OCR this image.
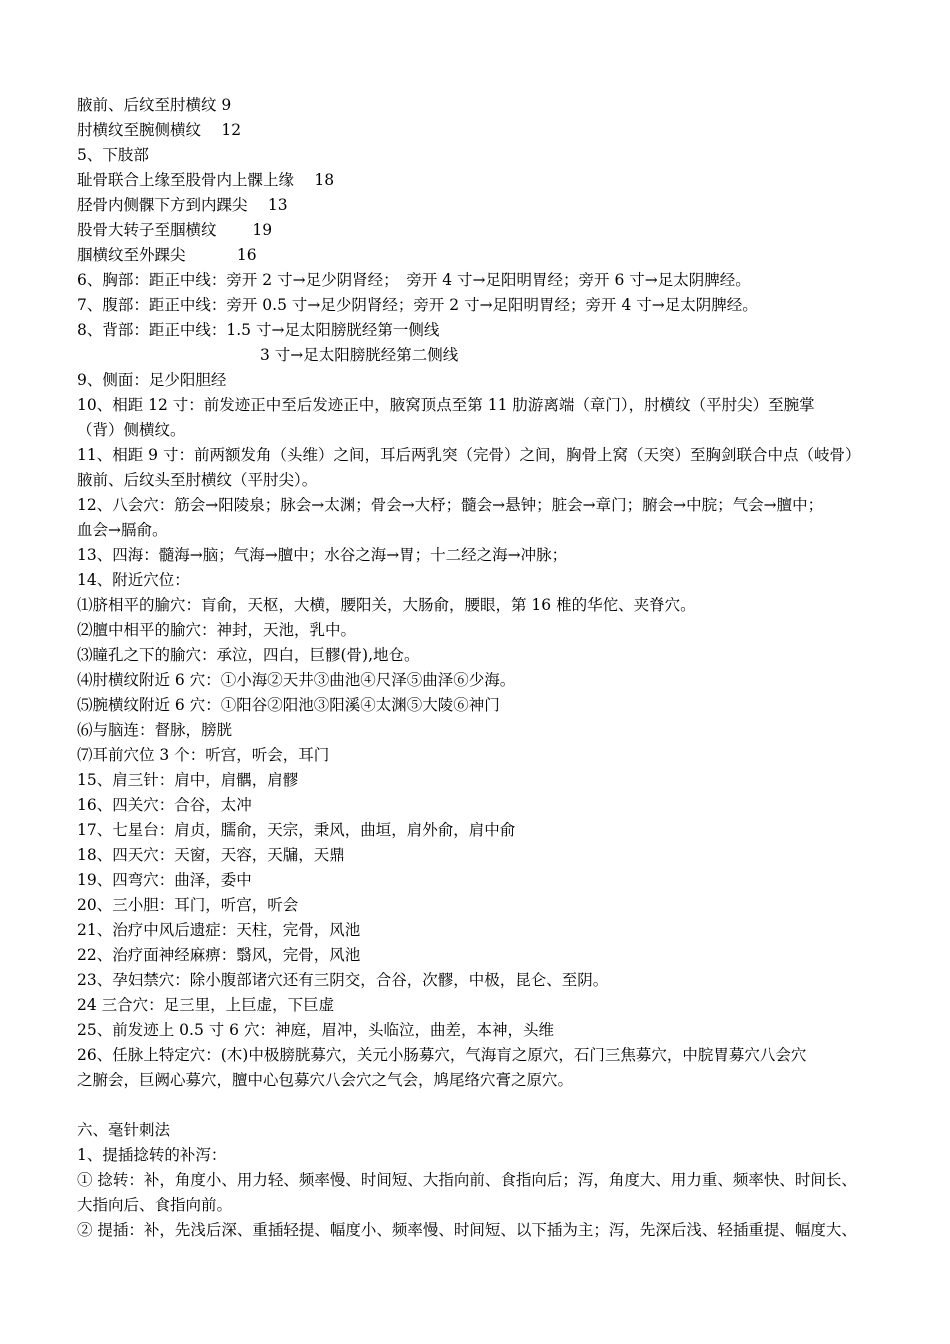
腋前、后纹至肘横纹 9
肘横纹至腕侧横纹　 12
5、下肢部
耻骨联合上缘至股骨内上髁上缘　 18
胫骨内侧髁下方到内踝尖　 13
股骨大转子至腘横纹　　 19
腘横纹至外踝尖　　　 16
6、胸部：距正中线：旁开 2 寸→足少阴肾经；　旁开 4 寸→足阳明胃经；旁开 6 寸→足太阴脾经。
7、腹部：距正中线：旁开 0.5 寸→足少阴肾经；旁开 2 寸→足阳明胃经；旁开 4 寸→足太阴脾经。
8、背部：距正中线：1.5 寸→足太阳膀胱经第一侧线
3 寸→足太阳膀胱经第二侧线
9、侧面：足少阳胆经
10、相距 12 寸：前发迹正中至后发迹正中，腋窝顶点至第 11 肋游离端（章门），肘横纹（平肘尖）至腕掌
（背）侧横纹。
11、相距 9 寸：前两额发角（头维）之间，耳后两乳突（完骨）之间，胸骨上窝（天突）至胸剑联合中点（岐骨）
腋前、后纹头至肘横纹（平肘尖）。
12、八会穴：筋会→阳陵泉；脉会→太渊；骨会→大杼；髓会→悬钟；脏会→章门；腑会→中脘；气会→膻中；
血会→膈俞。
13、四海：髓海→脑；气海→膻中；水谷之海→胃；十二经之海→冲脉；
14、附近穴位：
⑴脐相平的腧穴：肓俞，天枢，大横，腰阳关，大肠俞，腰眼，第 16 椎的华佗、夹脊穴。
⑵膻中相平的腧穴：神封，天池，乳中。
⑶瞳孔之下的腧穴：承泣，四白，巨髎(骨),地仓。
⑷肘横纹附近 6 穴：①小海②天井③曲池④尺泽⑤曲泽⑥少海。
⑸腕横纹附近 6 穴：①阳谷②阳池③阳溪④太渊⑤大陵⑥神门
⑹与脑连：督脉，膀胱
⑺耳前穴位 3 个：听宫，听会，耳门
15、肩三针：肩中，肩髃，肩髎
16、四关穴：合谷，太冲
17、七星台：肩贞，臑俞，天宗，秉风，曲垣，肩外俞，肩中俞
18、四天穴：天窗，天容，天牖，天鼎
19、四弯穴：曲泽，委中
20、三小胆：耳门，听宫，听会
21、治疗中风后遗症：天柱，完骨，风池
22、治疗面神经麻痹：翳风，完骨，风池
23、孕妇禁穴：除小腹部诸穴还有三阴交，合谷，次髎，中极，昆仑、至阴。
24 三合穴：足三里，上巨虚，下巨虚
25、前发迹上 0.5 寸 6 穴：神庭，眉冲，头临泣，曲差，本神，头维
26、任脉上特定穴：(木)中极膀胱募穴，关元小肠募穴，气海肓之原穴，石门三焦募穴，中脘胃募穴八会穴
之腑会，巨阙心募穴，膻中心包募穴八会穴之气会，鸠尾络穴膏之原穴。
六、毫针刺法
1、提插捻转的补泻：
① 捻转：补，角度小、用力轻、频率慢、时间短、大指向前、食指向后；泻，角度大、用力重、频率快、时间长、
大指向后、食指向前。
② 提插：补，先浅后深、重插轻提、幅度小、频率慢、时间短、以下插为主；泻，先深后浅、轻插重提、幅度大、
